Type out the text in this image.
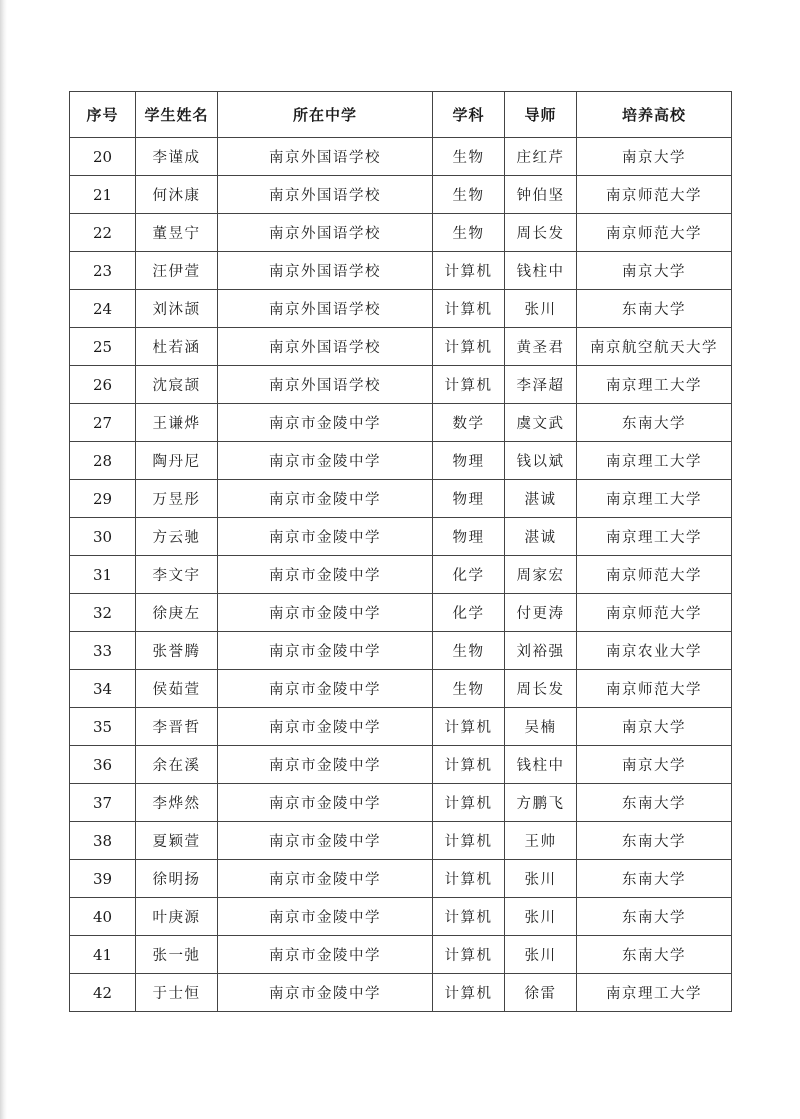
序号	学生姓名	所在中学	学科	导师	培养高校
20	李谨成	南京外国语学校	生物	庄红芹	南京大学
21	何沐康	南京外国语学校	生物	钟伯坚	南京师范大学
22	董昱宁	南京外国语学校	生物	周长发	南京师范大学
23	汪伊萱	南京外国语学校	计算机	钱柱中	南京大学
24	刘沐颉	南京外国语学校	计算机	张川	东南大学
25	杜若涵	南京外国语学校	计算机	黄圣君	南京航空航天大学
26	沈宸颉	南京外国语学校	计算机	李泽超	南京理工大学
27	王谦烨	南京市金陵中学	数学	虞文武	东南大学
28	陶丹尼	南京市金陵中学	物理	钱以斌	南京理工大学
29	万昱彤	南京市金陵中学	物理	湛诚	南京理工大学
30	方云驰	南京市金陵中学	物理	湛诚	南京理工大学
31	李文宇	南京市金陵中学	化学	周家宏	南京师范大学
32	徐庚左	南京市金陵中学	化学	付更涛	南京师范大学
33	张誉腾	南京市金陵中学	生物	刘裕强	南京农业大学
34	侯茹萱	南京市金陵中学	生物	周长发	南京师范大学
35	李晋哲	南京市金陵中学	计算机	吴楠	南京大学
36	余在溪	南京市金陵中学	计算机	钱柱中	南京大学
37	李烨然	南京市金陵中学	计算机	方鹏飞	东南大学
38	夏颖萱	南京市金陵中学	计算机	王帅	东南大学
39	徐明扬	南京市金陵中学	计算机	张川	东南大学
40	叶庚源	南京市金陵中学	计算机	张川	东南大学
41	张一弛	南京市金陵中学	计算机	张川	东南大学
42	于士恒	南京市金陵中学	计算机	徐雷	南京理工大学
